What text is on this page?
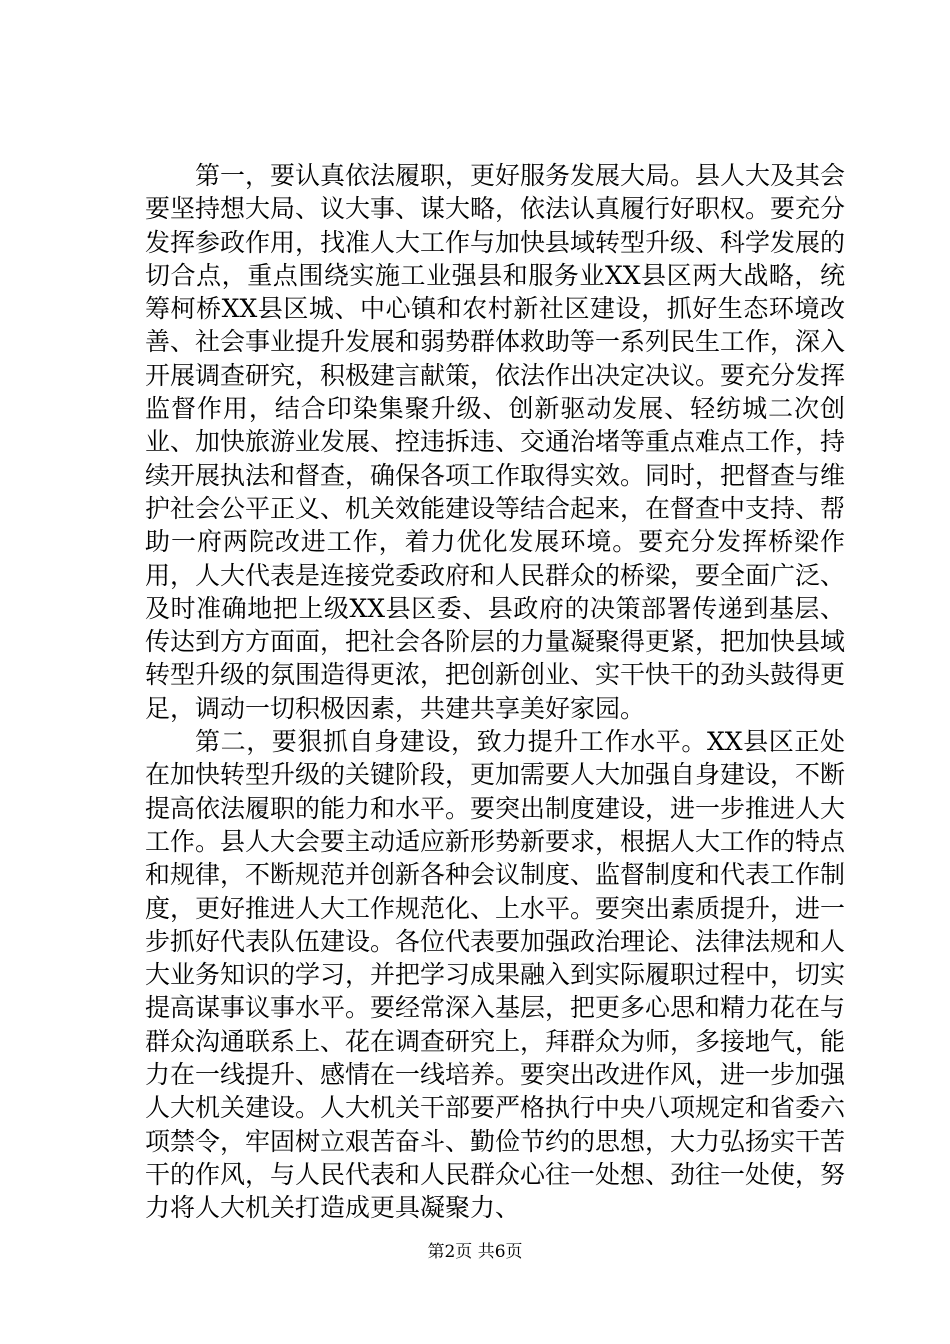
第一，要认真依法履职，更好服务发展大局。县人大及其会要坚持想大局、议大事、谋大略，依法认真履行好职权。要充分发挥参政作用，找准人大工作与加快县域转型升级、科学发展的切合点，重点围绕实施工业强县和服务业XX县区两大战略，统筹柯桥XX县区城、中心镇和农村新社区建设，抓好生态环境改善、社会事业提升发展和弱势群体救助等一系列民生工作，深入开展调查研究，积极建言献策，依法作出决定决议。要充分发挥监督作用，结合印染集聚升级、创新驱动发展、轻纺城二次创业、加快旅游业发展、控违拆违、交通治堵等重点难点工作，持续开展执法和督查，确保各项工作取得实效。同时，把督查与维护社会公平正义、机关效能建设等结合起来，在督查中支持、帮助一府两院改进工作，着力优化发展环境。要充分发挥桥梁作用，人大代表是连接党委政府和人民群众的桥梁，要全面广泛、及时准确地把上级XX县区委、县政府的决策部署传递到基层、传达到方方面面，把社会各阶层的力量凝聚得更紧，把加快县域转型升级的氛围造得更浓，把创新创业、实干快干的劲头鼓得更足，调动一切积极因素，共建共享美好家园。

第二，要狠抓自身建设，致力提升工作水平。XX县区正处在加快转型升级的关键阶段，更加需要人大加强自身建设，不断提高依法履职的能力和水平。要突出制度建设，进一步推进人大工作。县人大会要主动适应新形势新要求，根据人大工作的特点和规律，不断规范并创新各种会议制度、监督制度和代表工作制度，更好推进人大工作规范化、上水平。要突出素质提升，进一步抓好代表队伍建设。各位代表要加强政治理论、法律法规和人大业务知识的学习，并把学习成果融入到实际履职过程中，切实提高谋事议事水平。要经常深入基层，把更多心思和精力花在与群众沟通联系上、花在调查研究上，拜群众为师，多接地气，能力在一线提升、感情在一线培养。要突出改进作风，进一步加强人大机关建设。人大机关干部要严格执行中央八项规定和省委六项禁令，牢固树立艰苦奋斗、勤俭节约的思想，大力弘扬实干苦干的作风，与人民代表和人民群众心往一处想、劲往一处使，努力将人大机关打造成更具凝聚力、

第2页 共6页
